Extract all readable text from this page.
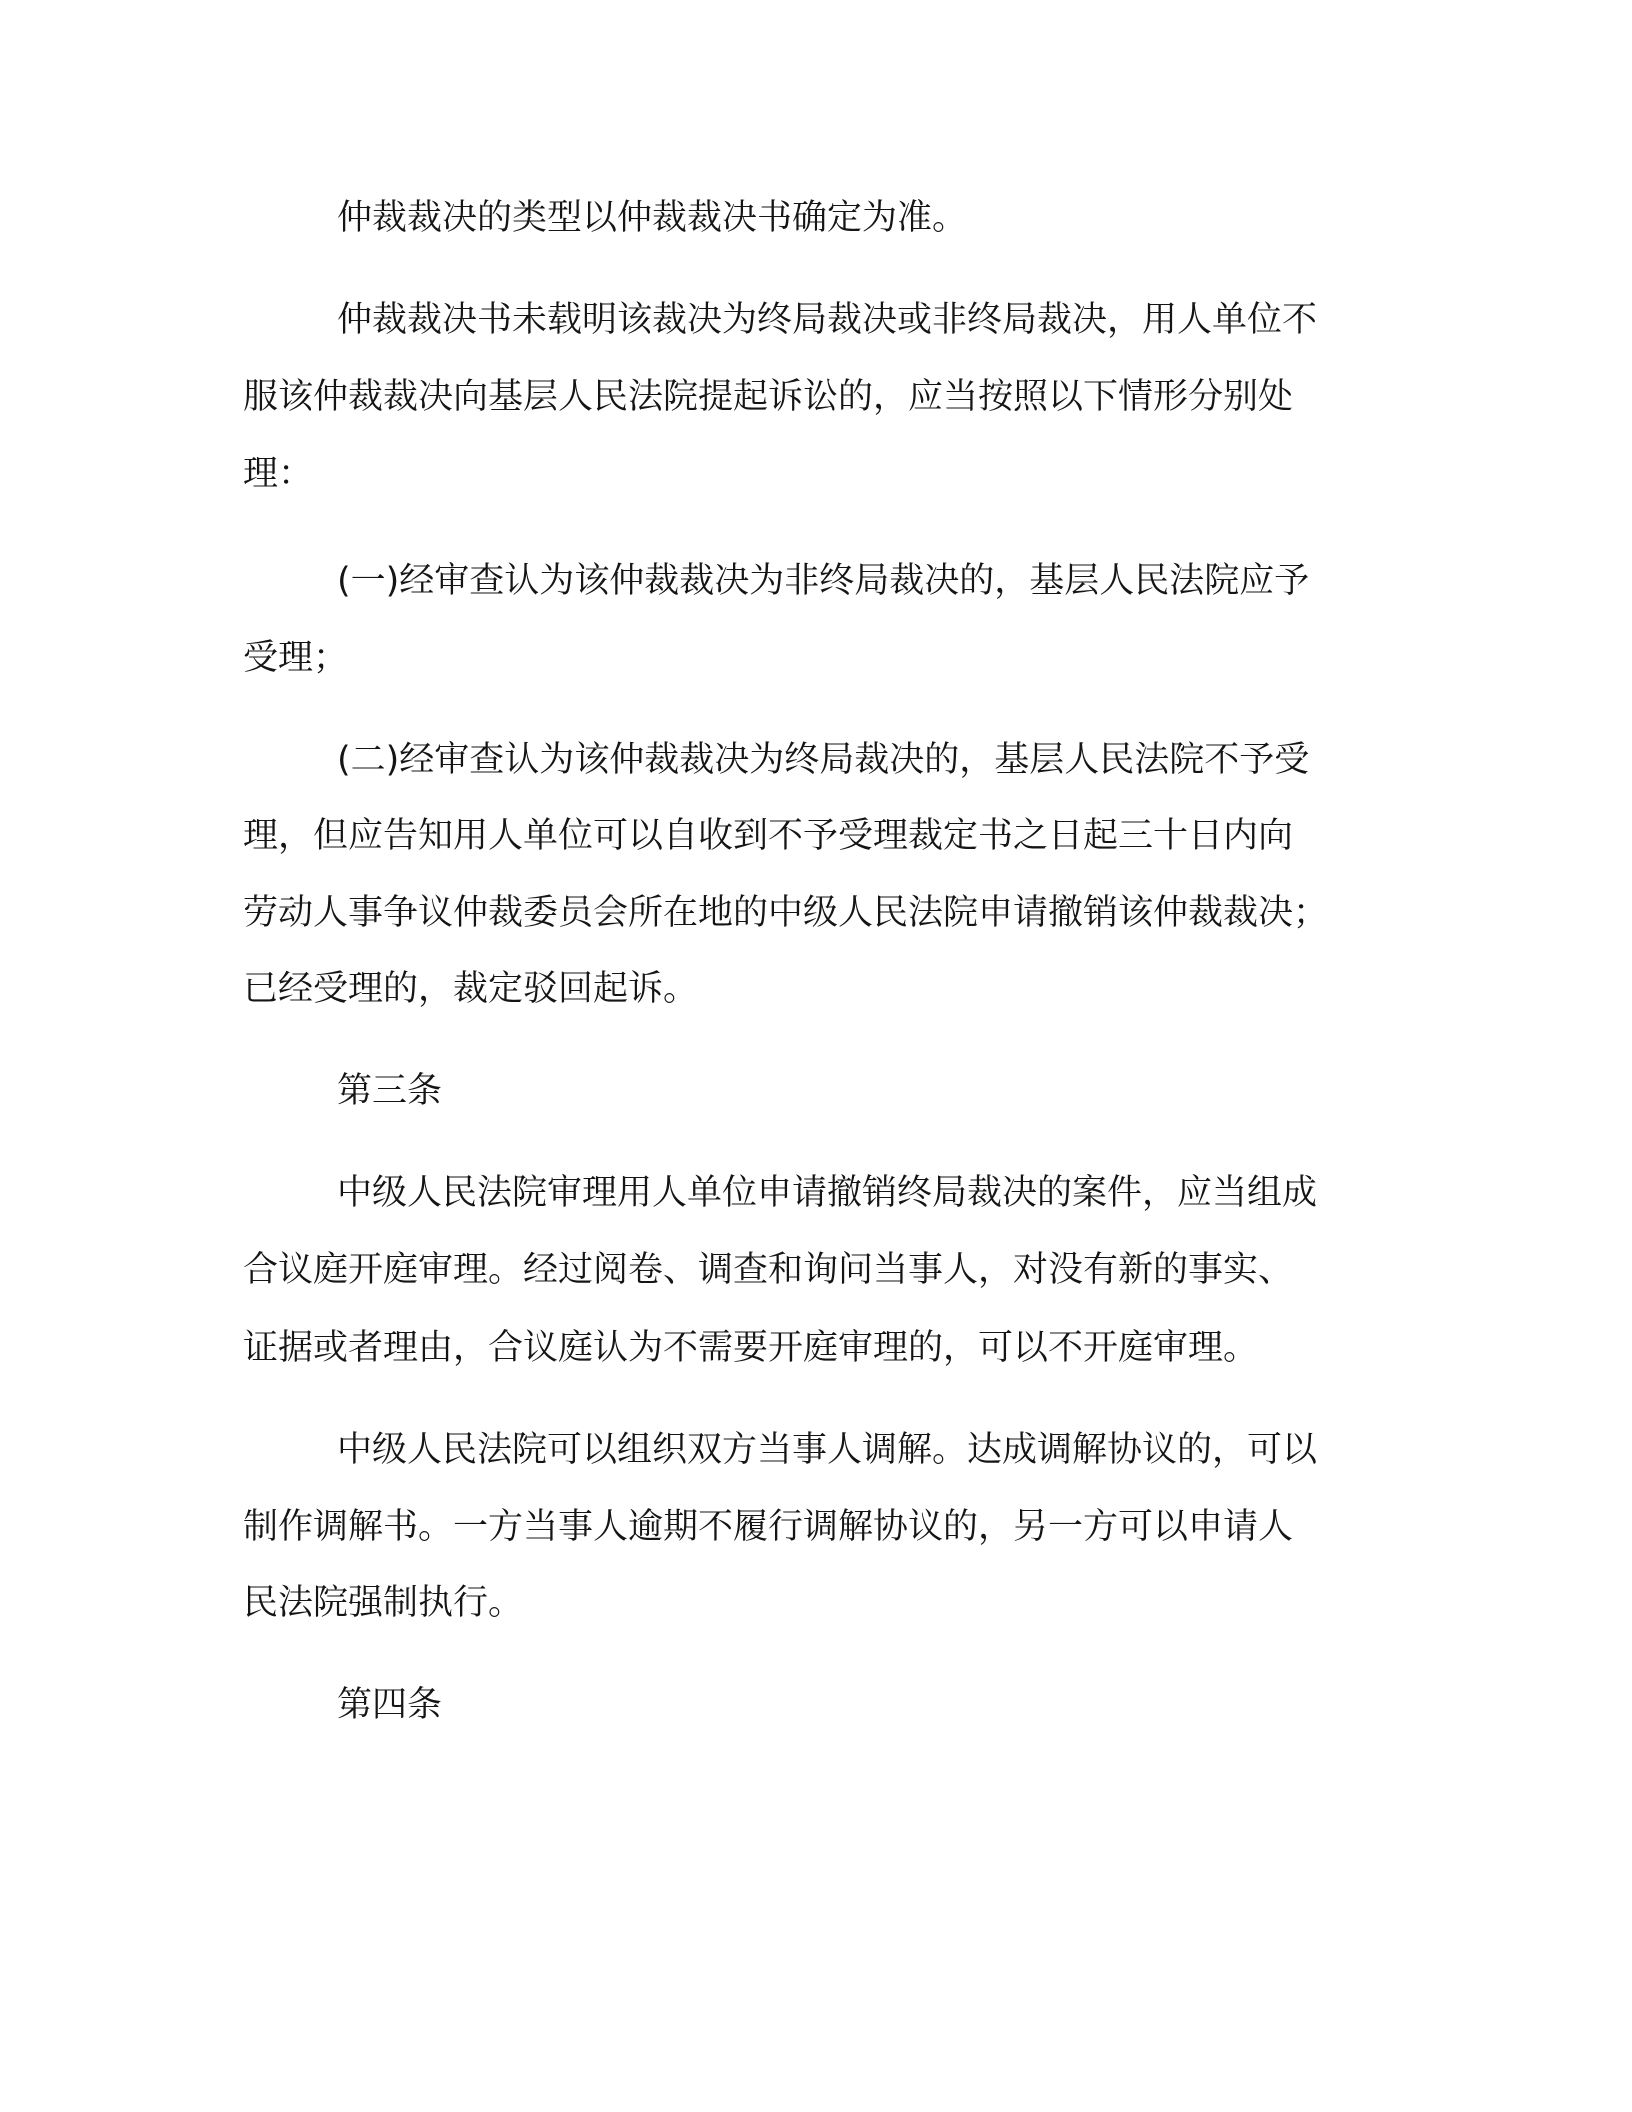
仲裁裁决的类型以仲裁裁决书确定为准。
仲裁裁决书未载明该裁决为终局裁决或非终局裁决，用人单位不
服该仲裁裁决向基层人民法院提起诉讼的，应当按照以下情形分别处
理：
(一)经审查认为该仲裁裁决为非终局裁决的，基层人民法院应予
受理；
(二)经审查认为该仲裁裁决为终局裁决的，基层人民法院不予受
理，但应告知用人单位可以自收到不予受理裁定书之日起三十日内向
劳动人事争议仲裁委员会所在地的中级人民法院申请撤销该仲裁裁决；
已经受理的，裁定驳回起诉。
第三条
中级人民法院审理用人单位申请撤销终局裁决的案件，应当组成
合议庭开庭审理。经过阅卷、调查和询问当事人，对没有新的事实、
证据或者理由，合议庭认为不需要开庭审理的，可以不开庭审理。
中级人民法院可以组织双方当事人调解。达成调解协议的，可以
制作调解书。一方当事人逾期不履行调解协议的，另一方可以申请人
民法院强制执行。
第四条
